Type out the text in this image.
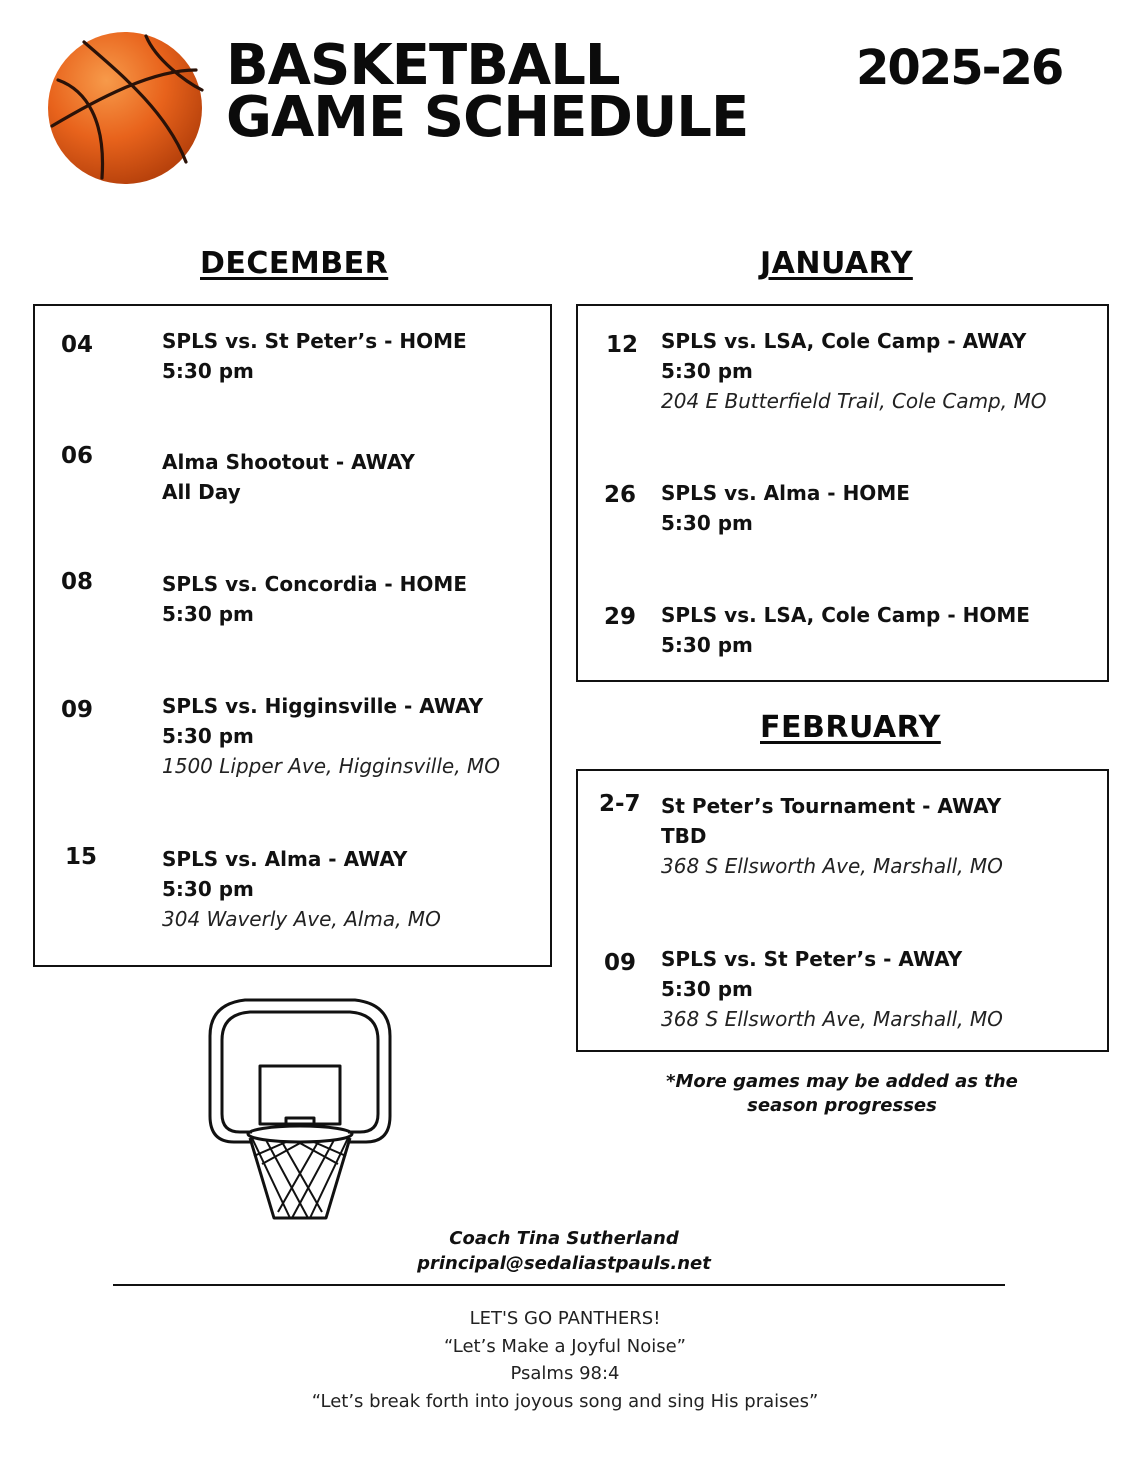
BASKETBALL
GAME SCHEDULE
2025-26
DECEMBER
04	SPLS vs. St Peter’s - HOME
5:30 pm
06	Alma Shootout - AWAY
All Day
08	SPLS vs. Concordia - HOME
5:30 pm
09	SPLS vs. Higginsville - AWAY
5:30 pm
1500 Lipper Ave, Higginsville, MO
15	SPLS vs. Alma - AWAY
5:30 pm
304 Waverly Ave, Alma, MO
JANUARY
12	SPLS vs. LSA, Cole Camp - AWAY
5:30 pm
204 E Butterfield Trail, Cole Camp, MO
26	SPLS vs. Alma - HOME
5:30 pm
29	SPLS vs. LSA, Cole Camp - HOME
5:30 pm
FEBRUARY
2-7	St Peter’s Tournament - AWAY
TBD
368 S Ellsworth Ave, Marshall, MO
09	SPLS vs. St Peter’s - AWAY
5:30 pm
368 S Ellsworth Ave, Marshall, MO
*More games may be added as the
season progresses
Coach Tina Sutherland
principal@sedaliastpauls.net
LET'S GO PANTHERS!
“Let’s Make a Joyful Noise”
Psalms 98:4
“Let’s break forth into joyous song and sing His praises”
